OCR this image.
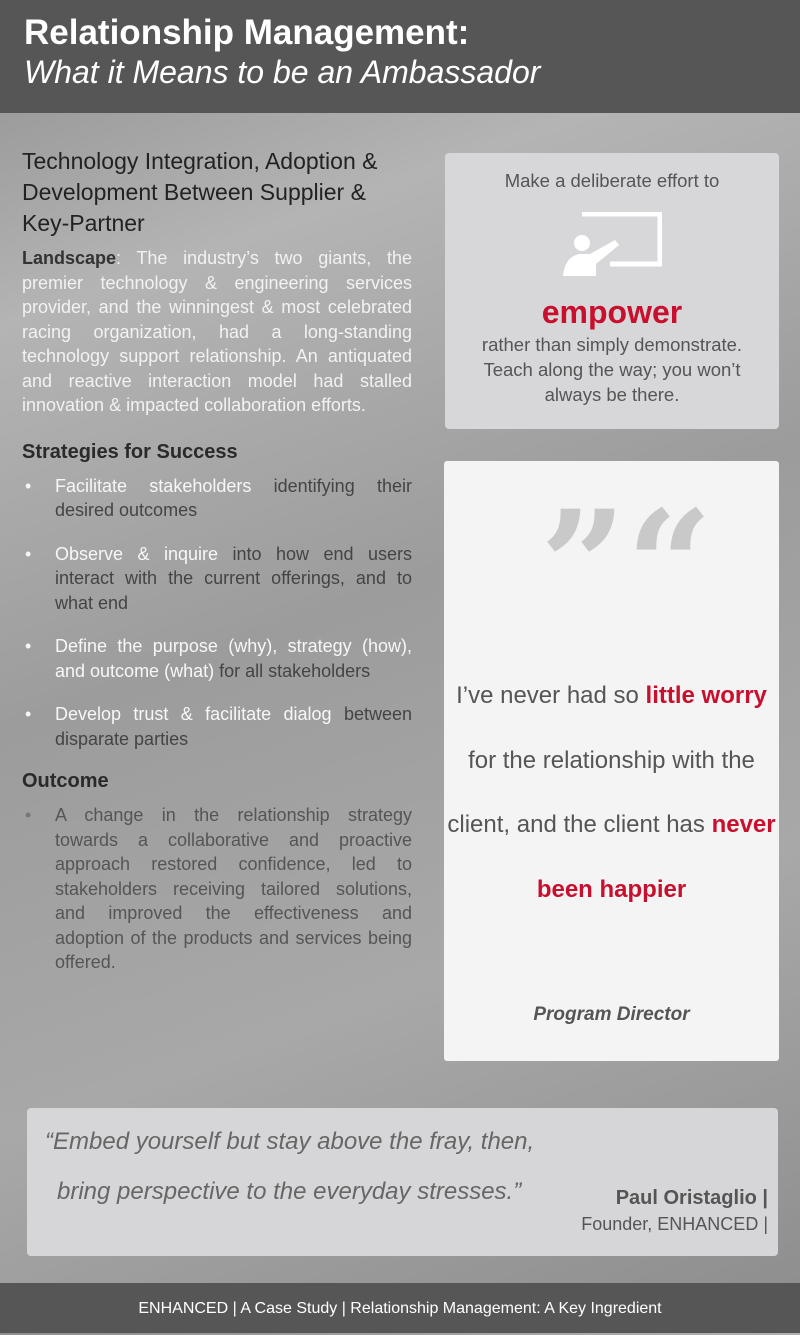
Relationship Management:
What it Means to be an Ambassador
Technology Integration, Adoption & Development Between Supplier & Key-Partner

Landscape: The industry’s two giants, the premier technology & engineering services provider, and the winningest & most celebrated racing organization, had a long-standing technology support relationship. An antiquated and reactive interaction model had stalled innovation & impacted collaboration efforts.

Strategies for Success
• Facilitate stakeholders identifying their desired outcomes
• Observe & inquire into how end users interact with the current offerings, and to what end
• Define the purpose (why), strategy (how), and outcome (what) for all stakeholders
• Develop trust & facilitate dialog between disparate parties
Outcome
• A change in the relationship strategy towards a collaborative and proactive approach restored confidence, led to stakeholders receiving tailored solutions, and improved the effectiveness and adoption of the products and services being offered.
Make a deliberate effort to
empower
rather than simply demonstrate. Teach along the way; you won’t always be there.
”“
I’ve never had so little worry for the relationship with the client, and the client has never been happier
Program Director
“Embed yourself but stay above the fray, then,
bring perspective to the everyday stresses.”	Paul Oristaglio |
Founder, ENHANCED |
ENHANCED | A Case Study | Relationship Management: A Key Ingredient
